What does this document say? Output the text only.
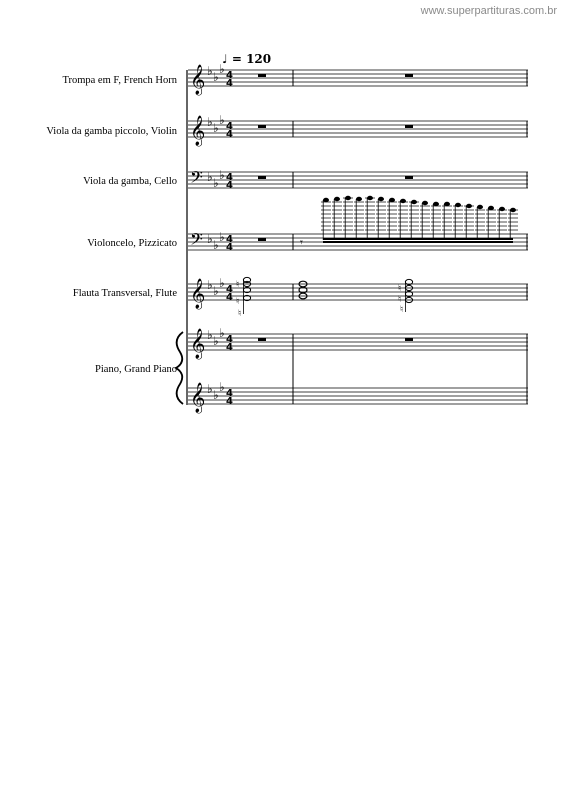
www.superpartituras.com.br
♩ = 120
Trompa em F, French Horn
Viola da gamba piccolo, Violin
Viola da gamba, Cello
Violoncelo, Pizzicato
Flauta Transversal, Flute
Piano, Grand Piano
4
4
𝄞 ♭ ♭
♭
𝄞 ♭ ♭
♭
𝄢 ♭ ♭
♭
𝄢 ♭ ♭
♭	𝄾
𝄞 ♭ ♭
♭ ♮
♮
♮
♮
♮
♮
𝄞 ♭ ♭
♭
𝄞 ♭ ♭
♭
